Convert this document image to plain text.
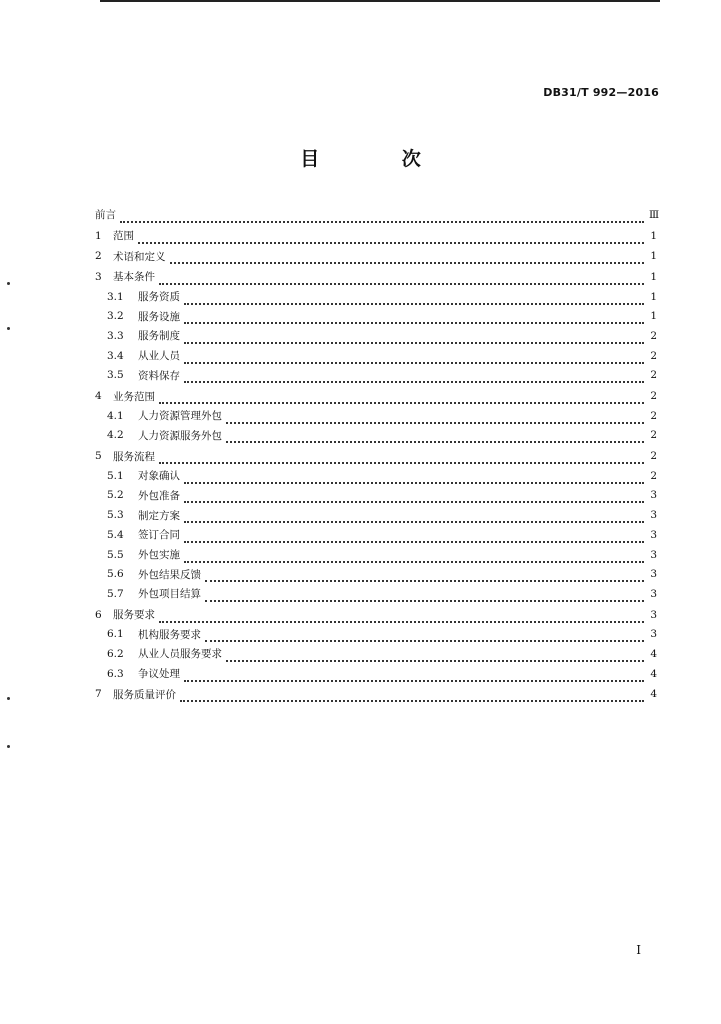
DB31/T 992—2016
目 次
前言	Ⅲ
1	范围	1
2	术语和定义	1
3	基本条件	1
3.1	服务资质	1
3.2	服务设施	1
3.3	服务制度	2
3.4	从业人员	2
3.5	资料保存	2
4	业务范围	2
4.1	人力资源管理外包	2
4.2	人力资源服务外包	2
5	服务流程	2
5.1	对象确认	2
5.2	外包准备	3
5.3	制定方案	3
5.4	签订合同	3
5.5	外包实施	3
5.6	外包结果反馈	3
5.7	外包项目结算	3
6	服务要求	3
6.1	机构服务要求	3
6.2	从业人员服务要求	4
6.3	争议处理	4
7	服务质量评价	4
I
